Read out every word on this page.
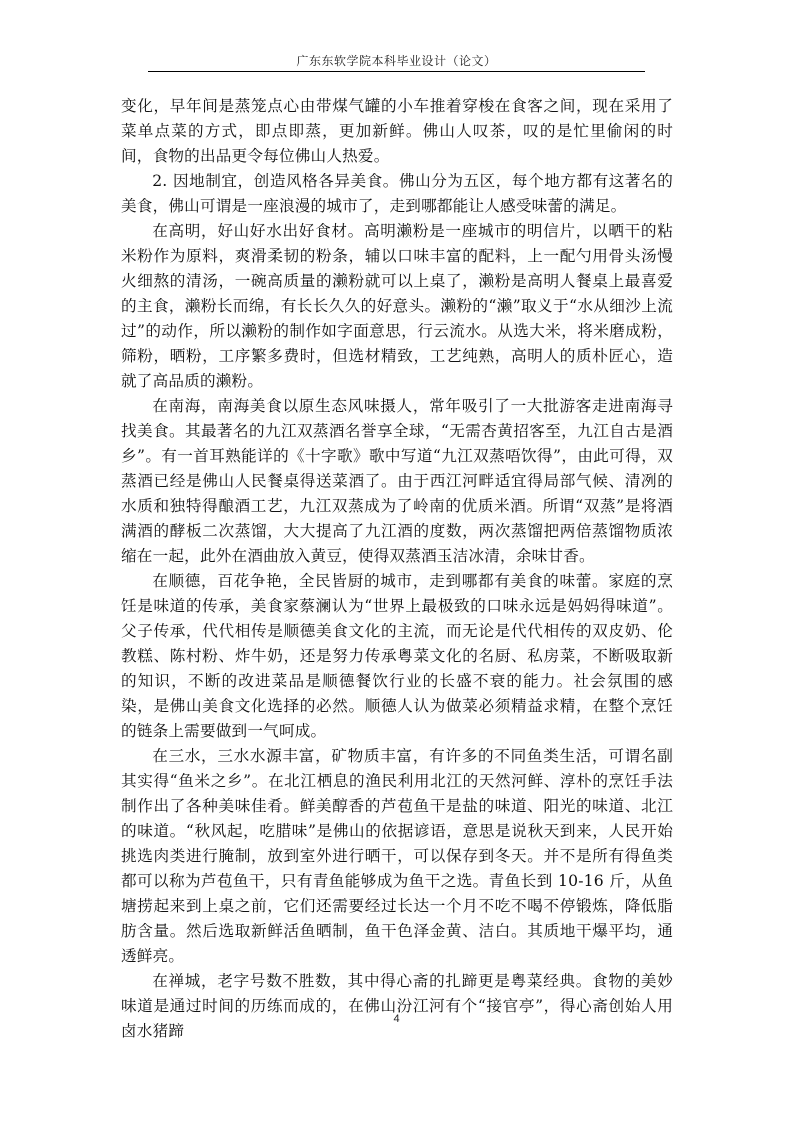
广东东软学院本科毕业设计（论文）

变化，早年间是蒸笼点心由带煤气罐的小车推着穿梭在食客之间，现在采用了菜单点菜的方式，即点即蒸，更加新鲜。佛山人叹茶，叹的是忙里偷闲的时间，食物的出品更令每位佛山人热爱。

2. 因地制宜，创造风格各异美食。佛山分为五区，每个地方都有这著名的美食，佛山可谓是一座浪漫的城市了，走到哪都能让人感受味蕾的满足。

在高明，好山好水出好食材。高明濑粉是一座城市的明信片，以晒干的粘米粉作为原料，爽滑柔韧的粉条，辅以口味丰富的配料，上一配勺用骨头汤慢火细熬的清汤，一碗高质量的濑粉就可以上桌了，濑粉是高明人餐桌上最喜爱的主食，濑粉长而绵，有长长久久的好意头。濑粉的“濑”取义于“水从细沙上流过”的动作，所以濑粉的制作如字面意思，行云流水。从选大米，将米磨成粉，筛粉，晒粉，工序繁多费时，但选材精致，工艺纯熟，高明人的质朴匠心，造就了高品质的濑粉。

在南海，南海美食以原生态风味摄人，常年吸引了一大批游客走进南海寻找美食。其最著名的九江双蒸酒名誉享全球，“无需杏黄招客至，九江自古是酒乡”。有一首耳熟能详的《十字歌》歌中写道“九江双蒸唔饮得”，由此可得，双蒸酒已经是佛山人民餐桌得送菜酒了。由于西江河畔适宜得局部气候、清冽的水质和独特得酿酒工艺，九江双蒸成为了岭南的优质米酒。所谓“双蒸”是将酒满酒的酵板二次蒸馏，大大提高了九江酒的度数，两次蒸馏把两倍蒸馏物质浓缩在一起，此外在酒曲放入黄豆，使得双蒸酒玉洁冰清，余味甘香。

在顺德，百花争艳，全民皆厨的城市，走到哪都有美食的味蕾。家庭的烹饪是味道的传承，美食家蔡澜认为“世界上最极致的口味永远是妈妈得味道”。父子传承，代代相传是顺德美食文化的主流，而无论是代代相传的双皮奶、伦教糕、陈村粉、炸牛奶，还是努力传承粤菜文化的名厨、私房菜，不断吸取新的知识，不断的改进菜品是顺德餐饮行业的长盛不衰的能力。社会氛围的感染，是佛山美食文化选择的必然。顺德人认为做菜必须精益求精，在整个烹饪的链条上需要做到一气呵成。

在三水，三水水源丰富，矿物质丰富，有许多的不同鱼类生活，可谓名副其实得“鱼米之乡”。在北江栖息的渔民利用北江的天然河鲜、淳朴的烹饪手法制作出了各种美味佳肴。鲜美醇香的芦苞鱼干是盐的味道、阳光的味道、北江的味道。“秋风起，吃腊味”是佛山的依据谚语，意思是说秋天到来，人民开始挑选肉类进行腌制，放到室外进行晒干，可以保存到冬天。并不是所有得鱼类都可以称为芦苞鱼干，只有青鱼能够成为鱼干之选。青鱼长到 10-16 斤，从鱼塘捞起来到上桌之前，它们还需要经过长达一个月不吃不喝不停锻炼，降低脂肪含量。然后选取新鲜活鱼晒制，鱼干色泽金黄、洁白。其质地干爆平均，通透鲜亮。

在禅城，老字号数不胜数，其中得心斋的扎蹄更是粤菜经典。食物的美妙味道是通过时间的历练而成的，在佛山汾江河有个“接官亭”，得心斋创始人用卤水猪蹄

4
